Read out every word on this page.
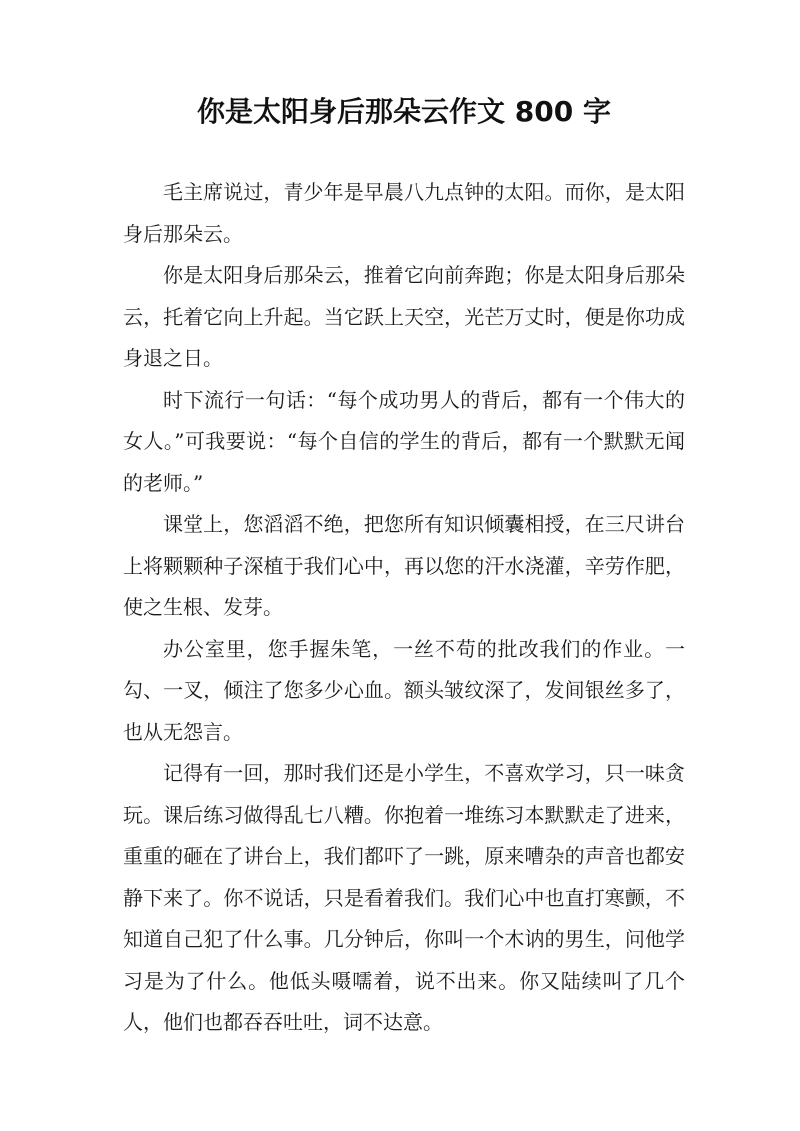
你是太阳身后那朵云作文 800 字

毛主席说过，青少年是早晨八九点钟的太阳。而你，是太阳身后那朵云。

你是太阳身后那朵云，推着它向前奔跑；你是太阳身后那朵云，托着它向上升起。当它跃上天空，光芒万丈时，便是你功成身退之日。

时下流行一句话：“每个成功男人的背后，都有一个伟大的女人。”可我要说：“每个自信的学生的背后，都有一个默默无闻的老师。”

课堂上，您滔滔不绝，把您所有知识倾囊相授，在三尺讲台上将颗颗种子深植于我们心中，再以您的汗水浇灌，辛劳作肥，使之生根、发芽。

办公室里，您手握朱笔，一丝不苟的批改我们的作业。一勾、一叉，倾注了您多少心血。额头皱纹深了，发间银丝多了，也从无怨言。

记得有一回，那时我们还是小学生，不喜欢学习，只一味贪玩。课后练习做得乱七八糟。你抱着一堆练习本默默走了进来，重重的砸在了讲台上，我们都吓了一跳，原来嘈杂的声音也都安静下来了。你不说话，只是看着我们。我们心中也直打寒颤，不知道自己犯了什么事。几分钟后，你叫一个木讷的男生，问他学习是为了什么。他低头嗫嚅着，说不出来。你又陆续叫了几个人，他们也都吞吞吐吐，词不达意。
